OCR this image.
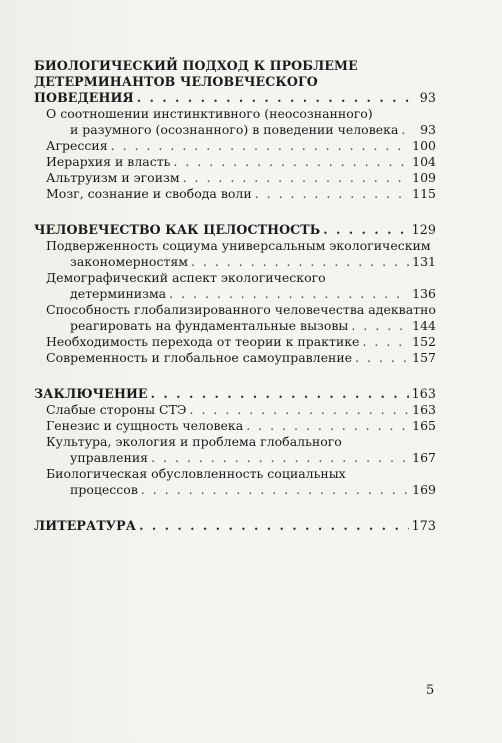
БИОЛОГИЧЕСКИЙ ПОДХОД К ПРОБЛЕМЕ
ДЕТЕРМИНАНТОВ ЧЕЛОВЕЧЕСКОГО
ПОВЕДЕНИЯ . . .	93
О соотношении инстинктивного (неосознанного)
и разумного (осознанного) в поведении человека . . .	93
Агрессия . . .	100
Иерархия и власть . . .	104
Альтруизм и эгоизм . . .	109
Мозг, сознание и свобода воли . . .	115
ЧЕЛОВЕЧЕСТВО КАК ЦЕЛОСТНОСТЬ . . .	129
Подверженность социума универсальным экологическим
закономерностям . . .	131
Демографический аспект экологического
детерминизма . . .	136
Способность глобализированного человечества адекватно
реагировать на фундаментальные вызовы . . .	144
Необходимость перехода от теории к практике . . .	152
Современность и глобальное самоуправление . . .	157
ЗАКЛЮЧЕНИЕ . . .	163
Слабые стороны СТЭ . . .	163
Генезис и сущность человека . . .	165
Культура, экология и проблема глобального
управления . . .	167
Биологическая обусловленность социальных
процессов . . .	169
ЛИТЕРАТУРА . . .	173
5
